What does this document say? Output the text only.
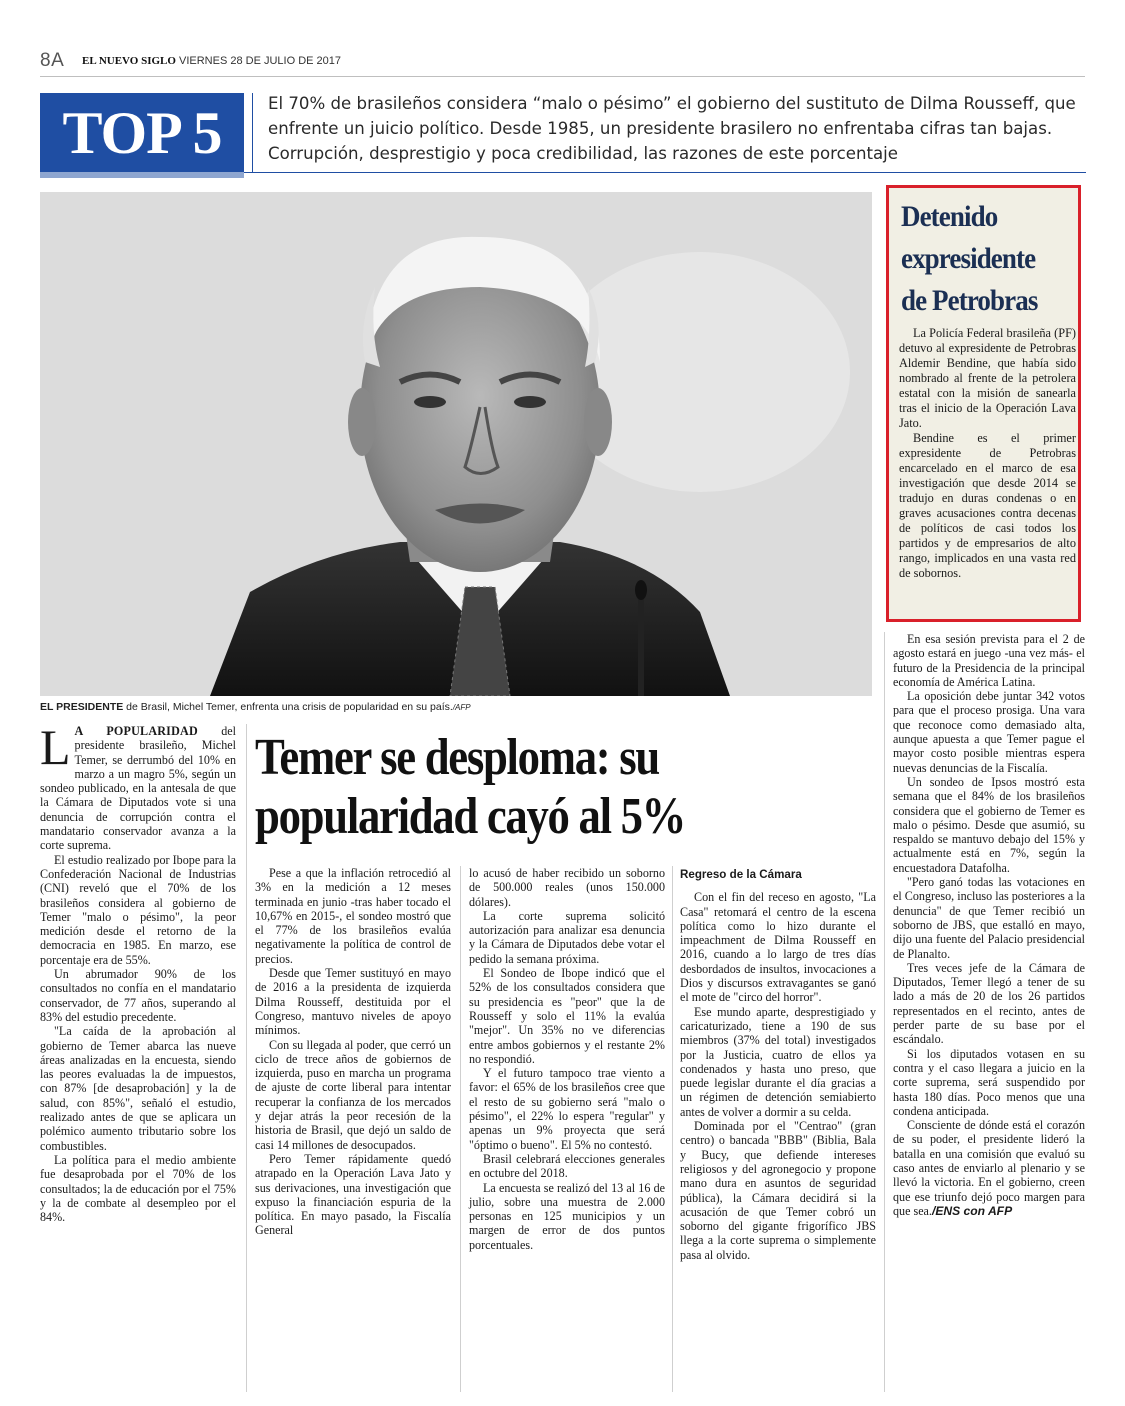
8A EL NUEVO SIGLO VIERNES 28 DE JULIO DE 2017
TOP 5	El 70% de brasileños considera “malo o pésimo” el gobierno del sustituto de Dilma Rousseff, que enfrente un juicio político. Desde 1985, un presidente brasilero no enfrentaba cifras tan bajas. Corrupción, desprestigio y poca credibilidad, las razones de este porcentaje
EL PRESIDENTE de Brasil, Michel Temer, enfrenta una crisis de popularidad en su país./AFP
Temer se desploma: su
popularidad cayó al 5%

L A POPULARIDAD del presidente brasileño, Michel Temer, se derrumbó del 10% en marzo a un magro 5%, según un sondeo publicado, en la antesala de que la Cámara de Diputados vote si una denuncia de corrupción contra el mandatario conservador avanza a la corte suprema.

El estudio realizado por Ibope para la Confederación Nacional de Industrias (CNI) reveló que el 70% de los brasileños considera al gobierno de Temer "malo o pésimo", la peor medición desde el retorno de la democracia en 1985. En marzo, ese porcentaje era de 55%.

Un abrumador 90% de los consultados no confía en el mandatario conservador, de 77 años, superando al 83% del estudio precedente.

"La caída de la aprobación al gobierno de Temer abarca las nueve áreas analizadas en la encuesta, siendo las peores evaluadas la de impuestos, con 87% [de desaprobación] y la de salud, con 85%", señaló el estudio, realizado antes de que se aplicara un polémico aumento tributario sobre los combustibles.

La política para el medio ambiente fue desaprobada por el 70% de los consultados; la de educación por el 75% y la de combate al desempleo por el 84%.

Pese a que la inflación retrocedió al 3% en la medición a 12 meses terminada en junio -tras haber tocado el 10,67% en 2015-, el sondeo mostró que el 77% de los brasileños evalúa negativamente la política de control de precios.

Desde que Temer sustituyó en mayo de 2016 a la presidenta de izquierda Dilma Rousseff, destituida por el Congreso, mantuvo niveles de apoyo mínimos.

Con su llegada al poder, que cerró un ciclo de trece años de gobiernos de izquierda, puso en marcha un programa de ajuste de corte liberal para intentar recuperar la confianza de los mercados y dejar atrás la peor recesión de la historia de Brasil, que dejó un saldo de casi 14 millones de desocupados.

Pero Temer rápidamente quedó atrapado en la Operación Lava Jato y sus derivaciones, una investigación que expuso la financiación espuria de la política. En mayo pasado, la Fiscalía General

lo acusó de haber recibido un soborno de 500.000 reales (unos 150.000 dólares).

La corte suprema solicitó autorización para analizar esa denuncia y la Cámara de Diputados debe votar el pedido la semana próxima.

El Sondeo de Ibope indicó que el 52% de los consultados considera que su presidencia es "peor" que la de Rousseff y solo el 11% la evalúa "mejor". Un 35% no ve diferencias entre ambos gobiernos y el restante 2% no respondió.

Y el futuro tampoco trae viento a favor: el 65% de los brasileños cree que el resto de su gobierno será "malo o pésimo", el 22% lo espera "regular" y apenas un 9% proyecta que será "óptimo o bueno". El 5% no contestó.

Brasil celebrará elecciones generales en octubre del 2018.

La encuesta se realizó del 13 al 16 de julio, sobre una muestra de 2.000 personas en 125 municipios y un margen de error de dos puntos porcentuales.

Regreso de la Cámara

Con el fin del receso en agosto, "La Casa" retomará el centro de la escena política como lo hizo durante el impeachment de Dilma Rousseff en 2016, cuando a lo largo de tres días desbordados de insultos, invocaciones a Dios y discursos extravagantes se ganó el mote de "circo del horror".

Ese mundo aparte, desprestigiado y caricaturizado, tiene a 190 de sus miembros (37% del total) investigados por la Justicia, cuatro de ellos ya condenados y hasta uno preso, que puede legislar durante el día gracias a un régimen de detención semiabierto antes de volver a dormir a su celda.

Dominada por el "Centrao" (gran centro) o bancada "BBB" (Biblia, Bala y Bucy, que defiende intereses religiosos y del agronegocio y propone mano dura en asuntos de seguridad pública), la Cámara decidirá si la acusación de que Temer cobró un soborno del gigante frigorífico JBS llega a la corte suprema o simplemente pasa al olvido.

En esa sesión prevista para el 2 de agosto estará en juego -una vez más- el futuro de la Presidencia de la principal economía de América Latina.

La oposición debe juntar 342 votos para que el proceso prosiga. Una vara que reconoce como demasiado alta, aunque apuesta a que Temer pague el mayor costo posible mientras espera nuevas denuncias de la Fiscalía.

Un sondeo de Ipsos mostró esta semana que el 84% de los brasileños considera que el gobierno de Temer es malo o pésimo. Desde que asumió, su respaldo se mantuvo debajo del 15% y actualmente está en 7%, según la encuestadora Datafolha.

"Pero ganó todas las votaciones en el Congreso, incluso las posteriores a la denuncia" de que Temer recibió un soborno de JBS, que estalló en mayo, dijo una fuente del Palacio presidencial de Planalto.

Tres veces jefe de la Cámara de Diputados, Temer llegó a tener de su lado a más de 20 de los 26 partidos representados en el recinto, antes de perder parte de su base por el escándalo.

Si los diputados votasen en su contra y el caso llegara a juicio en la corte suprema, será suspendido por hasta 180 días. Poco menos que una condena anticipada.

Consciente de dónde está el corazón de su poder, el presidente lideró la batalla en una comisión que evaluó su caso antes de enviarlo al plenario y se llevó la victoria. En el gobierno, creen que ese triunfo dejó poco margen para que sea./ENS con AFP

Detenido expresidente de Petrobras

La Policía Federal brasileña (PF) detuvo al expresidente de Petrobras Aldemir Bendine, que había sido nombrado al frente de la petrolera estatal con la misión de sanearla tras el inicio de la Operación Lava Jato.

Bendine es el primer expresidente de Petrobras encarcelado en el marco de esa investigación que desde 2014 se tradujo en duras condenas o en graves acusaciones contra decenas de políticos de casi todos los partidos y de empresarios de alto rango, implicados en una vasta red de sobornos.
